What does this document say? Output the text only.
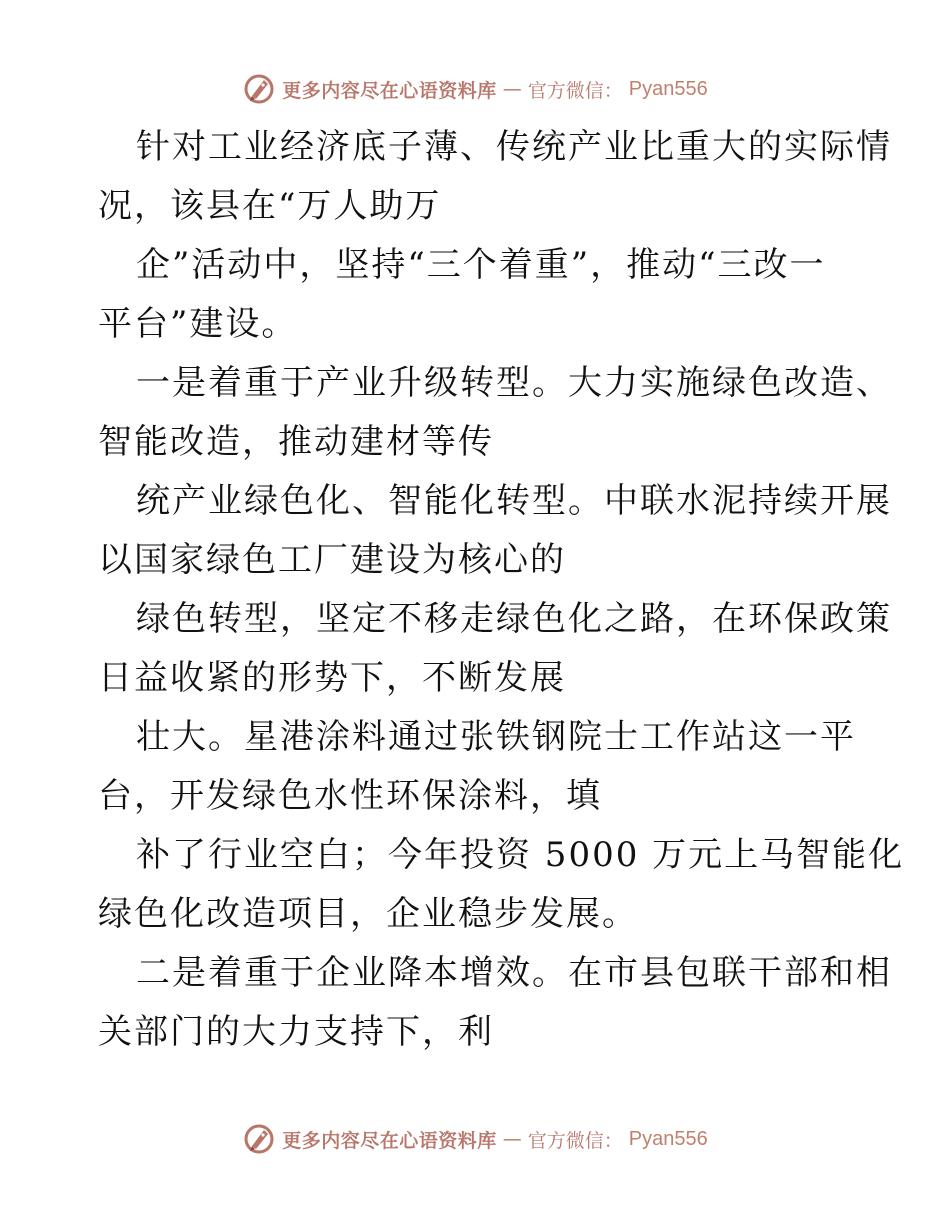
更多内容尽在心语资料库 — 官方微信： Pyan556
针对工业经济底子薄、传统产业比重大的实际情
况，该县在“万人助万
企”活动中，坚持“三个着重”，推动“三改一
平台”建设。
一是着重于产业升级转型。大力实施绿色改造、
智能改造，推动建材等传
统产业绿色化、智能化转型。中联水泥持续开展
以国家绿色工厂建设为核心的
绿色转型，坚定不移走绿色化之路，在环保政策
日益收紧的形势下，不断发展
壮大。星港涂料通过张铁钢院士工作站这一平
台，开发绿色水性环保涂料，填
补了行业空白；今年投资 5000 万元上马智能化
绿色化改造项目，企业稳步发展。
二是着重于企业降本增效。在市县包联干部和相
关部门的大力支持下，利
更多内容尽在心语资料库 — 官方微信： Pyan556
